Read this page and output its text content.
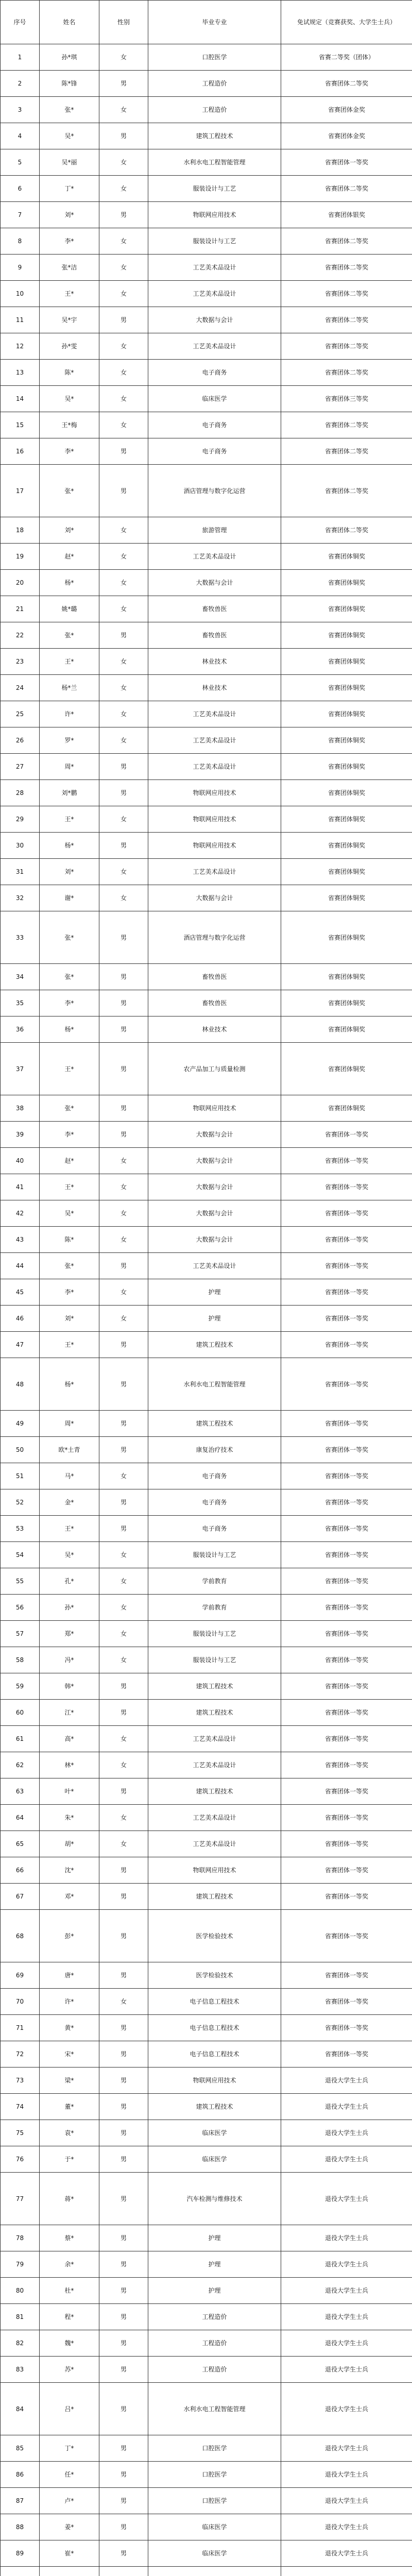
序号	姓名	性别	毕业专业	免试规定（竞赛获奖、大学生士兵）
1	孙*琪	女	口腔医学	省赛二等奖（团体）
2	陈*锋	男	工程造价	省赛团体二等奖
3	张*	女	工程造价	省赛团体金奖
4	吴*	男	建筑工程技术	省赛团体金奖
5	吴*丽	女	水利水电工程智能管理	省赛团体一等奖
6	丁*	女	服装设计与工艺	省赛团体二等奖
7	刘*	男	物联网应用技术	省赛团体银奖
8	李*	女	服装设计与工艺	省赛团体二等奖
9	张*洁	女	工艺美术品设计	省赛团体二等奖
10	王*	女	工艺美术品设计	省赛团体二等奖
11	吴*宇	男	大数据与会计	省赛团体二等奖
12	孙*雯	女	工艺美术品设计	省赛团体二等奖
13	陈*	女	电子商务	省赛团体二等奖
14	吴*	女	临床医学	省赛团体三等奖
15	王*梅	女	电子商务	省赛团体二等奖
16	李*	男	电子商务	省赛团体二等奖
17	张*	男	酒店管理与数字化运营	省赛团体二等奖
18	刘*	女	旅游管理	省赛团体二等奖
19	赵*	女	工艺美术品设计	省赛团体铜奖
20	杨*	女	大数据与会计	省赛团体铜奖
21	姚*璐	女	畜牧兽医	省赛团体铜奖
22	张*	男	畜牧兽医	省赛团体铜奖
23	王*	女	林业技术	省赛团体铜奖
24	杨*兰	女	林业技术	省赛团体铜奖
25	许*	女	工艺美术品设计	省赛团体铜奖
26	罗*	女	工艺美术品设计	省赛团体铜奖
27	周*	男	工艺美术品设计	省赛团体铜奖
28	刘*鹏	男	物联网应用技术	省赛团体铜奖
29	王*	女	物联网应用技术	省赛团体铜奖
30	杨*	男	物联网应用技术	省赛团体铜奖
31	刘*	女	工艺美术品设计	省赛团体铜奖
32	谢*	女	大数据与会计	省赛团体铜奖
33	张*	男	酒店管理与数字化运营	省赛团体铜奖
34	张*	男	畜牧兽医	省赛团体铜奖
35	李*	男	畜牧兽医	省赛团体铜奖
36	杨*	男	林业技术	省赛团体铜奖
37	王*	男	农产品加工与质量检测	省赛团体铜奖
38	张*	男	物联网应用技术	省赛团体铜奖
39	李*	男	大数据与会计	省赛团体一等奖
40	赵*	女	大数据与会计	省赛团体一等奖
41	王*	女	大数据与会计	省赛团体一等奖
42	吴*	女	大数据与会计	省赛团体一等奖
43	陈*	女	大数据与会计	省赛团体一等奖
44	张*	男	工艺美术品设计	省赛团体一等奖
45	李*	女	护理	省赛团体一等奖
46	刘*	女	护理	省赛团体一等奖
47	王*	男	建筑工程技术	省赛团体一等奖
48	杨*	男	水利水电工程智能管理	省赛团体一等奖
49	周*	男	建筑工程技术	省赛团体一等奖
50	欧*土青	男	康复治疗技术	省赛团体一等奖
51	马*	女	电子商务	省赛团体一等奖
52	金*	男	电子商务	省赛团体一等奖
53	王*	男	电子商务	省赛团体一等奖
54	吴*	女	服装设计与工艺	省赛团体一等奖
55	孔*	女	学前教育	省赛团体一等奖
56	孙*	女	学前教育	省赛团体一等奖
57	郑*	女	服装设计与工艺	省赛团体一等奖
58	冯*	女	服装设计与工艺	省赛团体一等奖
59	韩*	男	建筑工程技术	省赛团体一等奖
60	江*	男	建筑工程技术	省赛团体一等奖
61	高*	女	工艺美术品设计	省赛团体一等奖
62	林*	女	工艺美术品设计	省赛团体一等奖
63	叶*	男	建筑工程技术	省赛团体一等奖
64	朱*	女	工艺美术品设计	省赛团体一等奖
65	胡*	女	工艺美术品设计	省赛团体一等奖
66	沈*	男	物联网应用技术	省赛团体一等奖
67	邓*	男	建筑工程技术	省赛团体一等奖
68	彭*	男	医学检验技术	省赛团体一等奖
69	唐*	男	医学检验技术	省赛团体一等奖
70	许*	女	电子信息工程技术	省赛团体一等奖
71	黄*	男	电子信息工程技术	省赛团体一等奖
72	宋*	男	电子信息工程技术	省赛团体一等奖
73	梁*	男	物联网应用技术	退役大学生士兵
74	董*	男	建筑工程技术	退役大学生士兵
75	袁*	男	临床医学	退役大学生士兵
76	于*	男	临床医学	退役大学生士兵
77	蒋*	男	汽车检测与维修技术	退役大学生士兵
78	蔡*	男	护理	退役大学生士兵
79	余*	男	护理	退役大学生士兵
80	杜*	男	护理	退役大学生士兵
81	程*	男	工程造价	退役大学生士兵
82	魏*	男	工程造价	退役大学生士兵
83	苏*	男	工程造价	退役大学生士兵
84	吕*	男	水利水电工程智能管理	退役大学生士兵
85	丁*	男	口腔医学	退役大学生士兵
86	任*	男	口腔医学	退役大学生士兵
87	卢*	男	口腔医学	退役大学生士兵
88	姜*	男	临床医学	退役大学生士兵
89	崔*	男	临床医学	退役大学生士兵
